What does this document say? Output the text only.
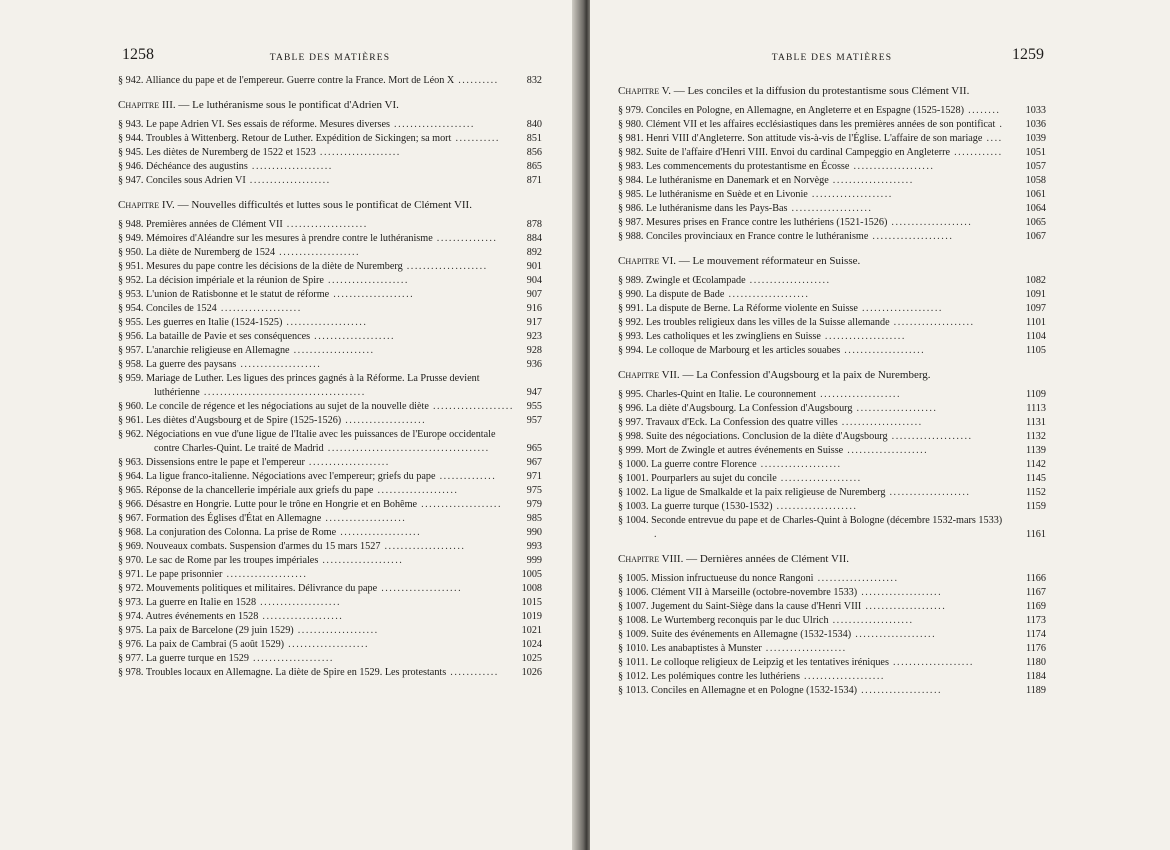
1258	TABLE DES MATIÈRES
§ 942. Alliance du pape et de l'empereur. Guerre contre la France. Mort de Léon X ..........	832
Chapitre III. — Le luthéranisme sous le pontificat d'Adrien VI.
§ 943. Le pape Adrien VI. Ses essais de réforme. Mesures diverses ....................	840
§ 944. Troubles à Wittenberg. Retour de Luther. Expédition de Sickingen; sa mort ...........	851
§ 945. Les diètes de Nuremberg de 1522 et 1523 ....................	856
§ 946. Déchéance des augustins ....................	865
§ 947. Conciles sous Adrien VI ....................	871
Chapitre IV. — Nouvelles difficultés et luttes sous le pontificat de Clément VII.
§ 948. Premières années de Clément VII ....................	878
§ 949. Mémoires d'Aléandre sur les mesures à prendre contre le luthéranisme ...............	884
§ 950. La diète de Nuremberg de 1524 ....................	892
§ 951. Mesures du pape contre les décisions de la diète de Nuremberg ....................	901
§ 952. La décision impériale et la réunion de Spire ....................	904
§ 953. L'union de Ratisbonne et le statut de réforme ....................	907
§ 954. Conciles de 1524 ....................	916
§ 955. Les guerres en Italie (1524-1525) ....................	917
§ 956. La bataille de Pavie et ses conséquences ....................	923
§ 957. L'anarchie religieuse en Allemagne ....................	928
§ 958. La guerre des paysans ....................	936
§ 959. Mariage de Luther. Les ligues des princes gagnés à la Réforme. La Prusse devient luthérienne ........................................	947
§ 960. Le concile de régence et les négociations au sujet de la nouvelle diète ....................	955
§ 961. Les diètes d'Augsbourg et de Spire (1525-1526) ....................	957
§ 962. Négociations en vue d'une ligue de l'Italie avec les puissances de l'Europe occidentale contre Charles-Quint. Le traité de Madrid ........................................	965
§ 963. Dissensions entre le pape et l'empereur ....................	967
§ 964. La ligue franco-italienne. Négociations avec l'empereur; griefs du pape ..............	971
§ 965. Réponse de la chancellerie impériale aux griefs du pape ....................	975
§ 966. Désastre en Hongrie. Lutte pour le trône en Hongrie et en Bohême ....................	979
§ 967. Formation des Églises d'État en Allemagne ....................	985
§ 968. La conjuration des Colonna. La prise de Rome ....................	990
§ 969. Nouveaux combats. Suspension d'armes du 15 mars 1527 ....................	993
§ 970. Le sac de Rome par les troupes impériales ....................	999
§ 971. Le pape prisonnier ....................	1005
§ 972. Mouvements politiques et militaires. Délivrance du pape ....................	1008
§ 973. La guerre en Italie en 1528 ....................	1015
§ 974. Autres événements en 1528 ....................	1019
§ 975. La paix de Barcelone (29 juin 1529) ....................	1021
§ 976. La paix de Cambrai (5 août 1529) ....................	1024
§ 977. La guerre turque en 1529 ....................	1025
§ 978. Troubles locaux en Allemagne. La diète de Spire en 1529. Les protestants ............	1026
TABLE DES MATIÈRES	1259
Chapitre V. — Les conciles et la diffusion du protestantisme sous Clément VII.
§ 979. Conciles en Pologne, en Allemagne, en Angleterre et en Espagne (1525-1528) ........	1033
§ 980. Clément VII et les affaires ecclésiastiques dans les premières années de son pontificat .	1036
§ 981. Henri VIII d'Angleterre. Son attitude vis-à-vis de l'Église. L'affaire de son mariage ....	1039
§ 982. Suite de l'affaire d'Henri VIII. Envoi du cardinal Campeggio en Angleterre ............	1051
§ 983. Les commencements du protestantisme en Écosse ....................	1057
§ 984. Le luthéranisme en Danemark et en Norvège ....................	1058
§ 985. Le luthéranisme en Suède et en Livonie ....................	1061
§ 986. Le luthéranisme dans les Pays-Bas ....................	1064
§ 987. Mesures prises en France contre les luthériens (1521-1526) ....................	1065
§ 988. Conciles provinciaux en France contre le luthéranisme ....................	1067
Chapitre VI. — Le mouvement réformateur en Suisse.
§ 989. Zwingle et Œcolampade ....................	1082
§ 990. La dispute de Bade ....................	1091
§ 991. La dispute de Berne. La Réforme violente en Suisse ....................	1097
§ 992. Les troubles religieux dans les villes de la Suisse allemande ....................	1101
§ 993. Les catholiques et les zwingliens en Suisse ....................	1104
§ 994. Le colloque de Marbourg et les articles souabes ....................	1105
Chapitre VII. — La Confession d'Augsbourg et la paix de Nuremberg.
§ 995. Charles-Quint en Italie. Le couronnement ....................	1109
§ 996. La diète d'Augsbourg. La Confession d'Augsbourg ....................	1113
§ 997. Travaux d'Eck. La Confession des quatre villes ....................	1131
§ 998. Suite des négociations. Conclusion de la diète d'Augsbourg ....................	1132
§ 999. Mort de Zwingle et autres événements en Suisse ....................	1139
§ 1000. La guerre contre Florence ....................	1142
§ 1001. Pourparlers au sujet du concile ....................	1145
§ 1002. La ligue de Smalkalde et la paix religieuse de Nuremberg ....................	1152
§ 1003. La guerre turque (1530-1532) ....................	1159
§ 1004. Seconde entrevue du pape et de Charles-Quint à Bologne (décembre 1532-mars 1533) .	1161
Chapitre VIII. — Dernières années de Clément VII.
§ 1005. Mission infructueuse du nonce Rangoni ....................	1166
§ 1006. Clément VII à Marseille (octobre-novembre 1533) ....................	1167
§ 1007. Jugement du Saint-Siège dans la cause d'Henri VIII ....................	1169
§ 1008. Le Wurtemberg reconquis par le duc Ulrich ....................	1173
§ 1009. Suite des événements en Allemagne (1532-1534) ....................	1174
§ 1010. Les anabaptistes à Munster ....................	1176
§ 1011. Le colloque religieux de Leipzig et les tentatives iréniques ....................	1180
§ 1012. Les polémiques contre les luthériens ....................	1184
§ 1013. Conciles en Allemagne et en Pologne (1532-1534) ....................	1189
